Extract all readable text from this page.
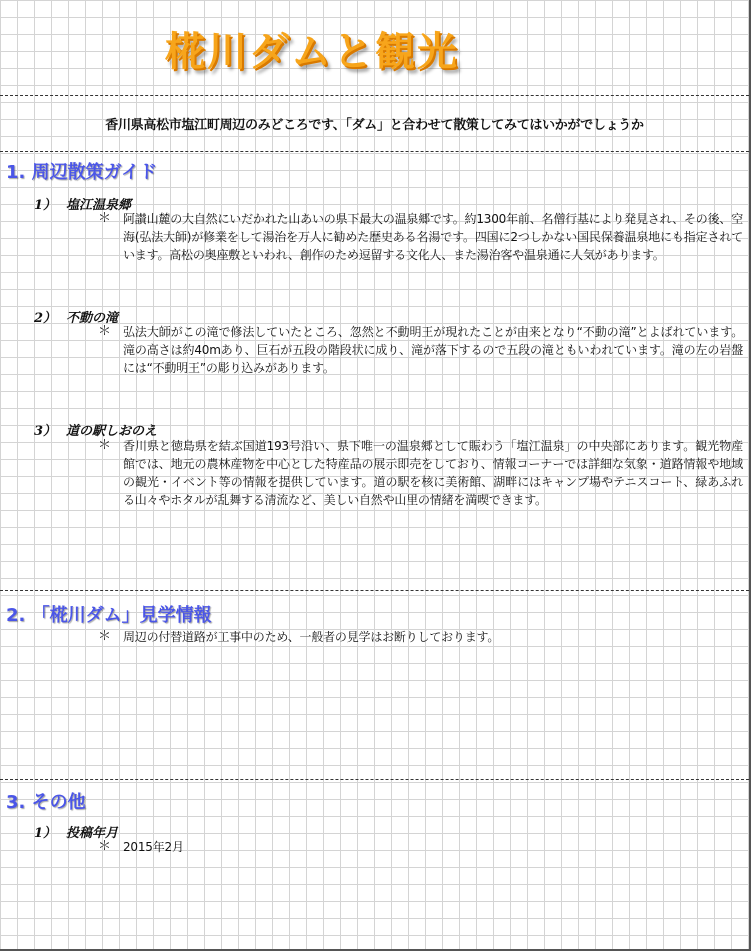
椛川ダムと観光
香川県高松市塩江町周辺のみどころです、「ダム」と合わせて散策してみてはいかがでしょうか
1. 周辺散策ガイド
1） 塩江温泉郷
＊ 阿讃山麓の大自然にいだかれた山あいの県下最大の温泉郷です。約1300年前、名僧行基により発見され、その後、空海(弘法大師)が修業をして湯治を万人に勧めた歴史ある名湯です。四国に2つしかない国民保養温泉地にも指定されています。高松の奥座敷といわれ、創作のため逗留する文化人、また湯治客や温泉通に人気があります。
2） 不動の滝
＊ 弘法大師がこの滝で修法していたところ、忽然と不動明王が現れたことが由来となり“不動の滝”とよばれています。滝の高さは約40mあり、巨石が五段の階段状に成り、滝が落下するので五段の滝ともいわれています。滝の左の岩盤には“不動明王”の彫り込みがあります。
3） 道の駅しおのえ
＊ 香川県と徳島県を結ぶ国道193号沿い、県下唯一の温泉郷として賑わう「塩江温泉」の中央部にあります。観光物産館では、地元の農林産物を中心とした特産品の展示即売をしており、情報コーナーでは詳細な気象・道路情報や地域の観光・イベント等の情報を提供しています。道の駅を核に美術館、湖畔にはキャンプ場やテニスコート、緑あふれる山々やホタルが乱舞する清流など、美しい自然や山里の情緒を満喫できます。
2. 「椛川ダム」見学情報
＊ 周辺の付替道路が工事中のため、一般者の見学はお断りしております。
3. その他
1） 投稿年月
＊ 2015年2月
